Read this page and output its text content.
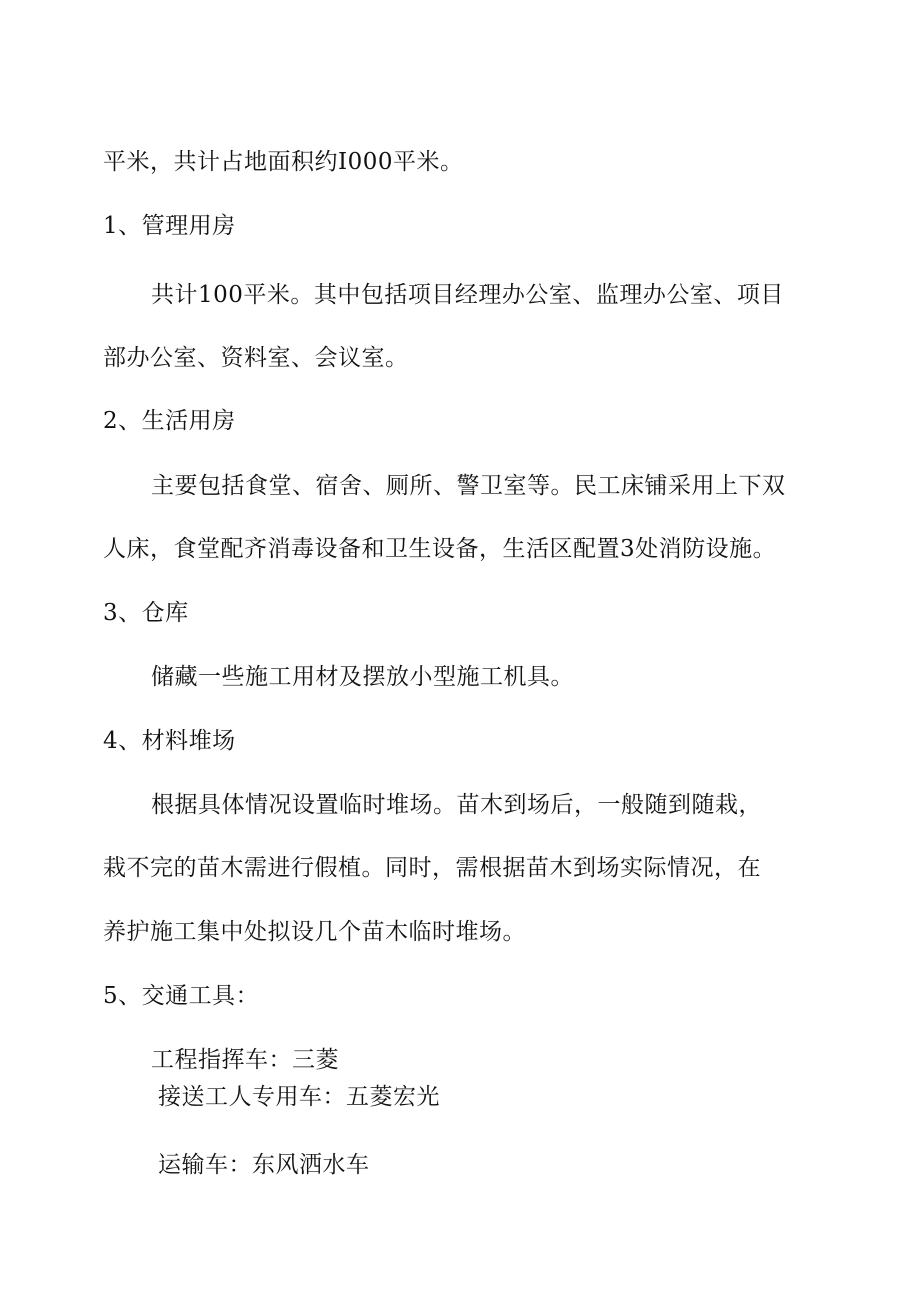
平米，共计占地面积约I000平米。
1、管理用房
共计100平米。其中包括项目经理办公室、监理办公室、项目
部办公室、资料室、会议室。
2、生活用房
主要包括食堂、宿舍、厕所、警卫室等。民工床铺采用上下双
人床，食堂配齐消毒设备和卫生设备，生活区配置3处消防设施。
3、仓库
储藏一些施工用材及摆放小型施工机具。
4、材料堆场
根据具体情况设置临时堆场。苗木到场后，一般随到随栽，
栽不完的苗木需进行假植。同时，需根据苗木到场实际情况，在
养护施工集中处拟设几个苗木临时堆场。
5、交通工具：
工程指挥车：三菱
接送工人专用车：五菱宏光
运输车：东风洒水车
